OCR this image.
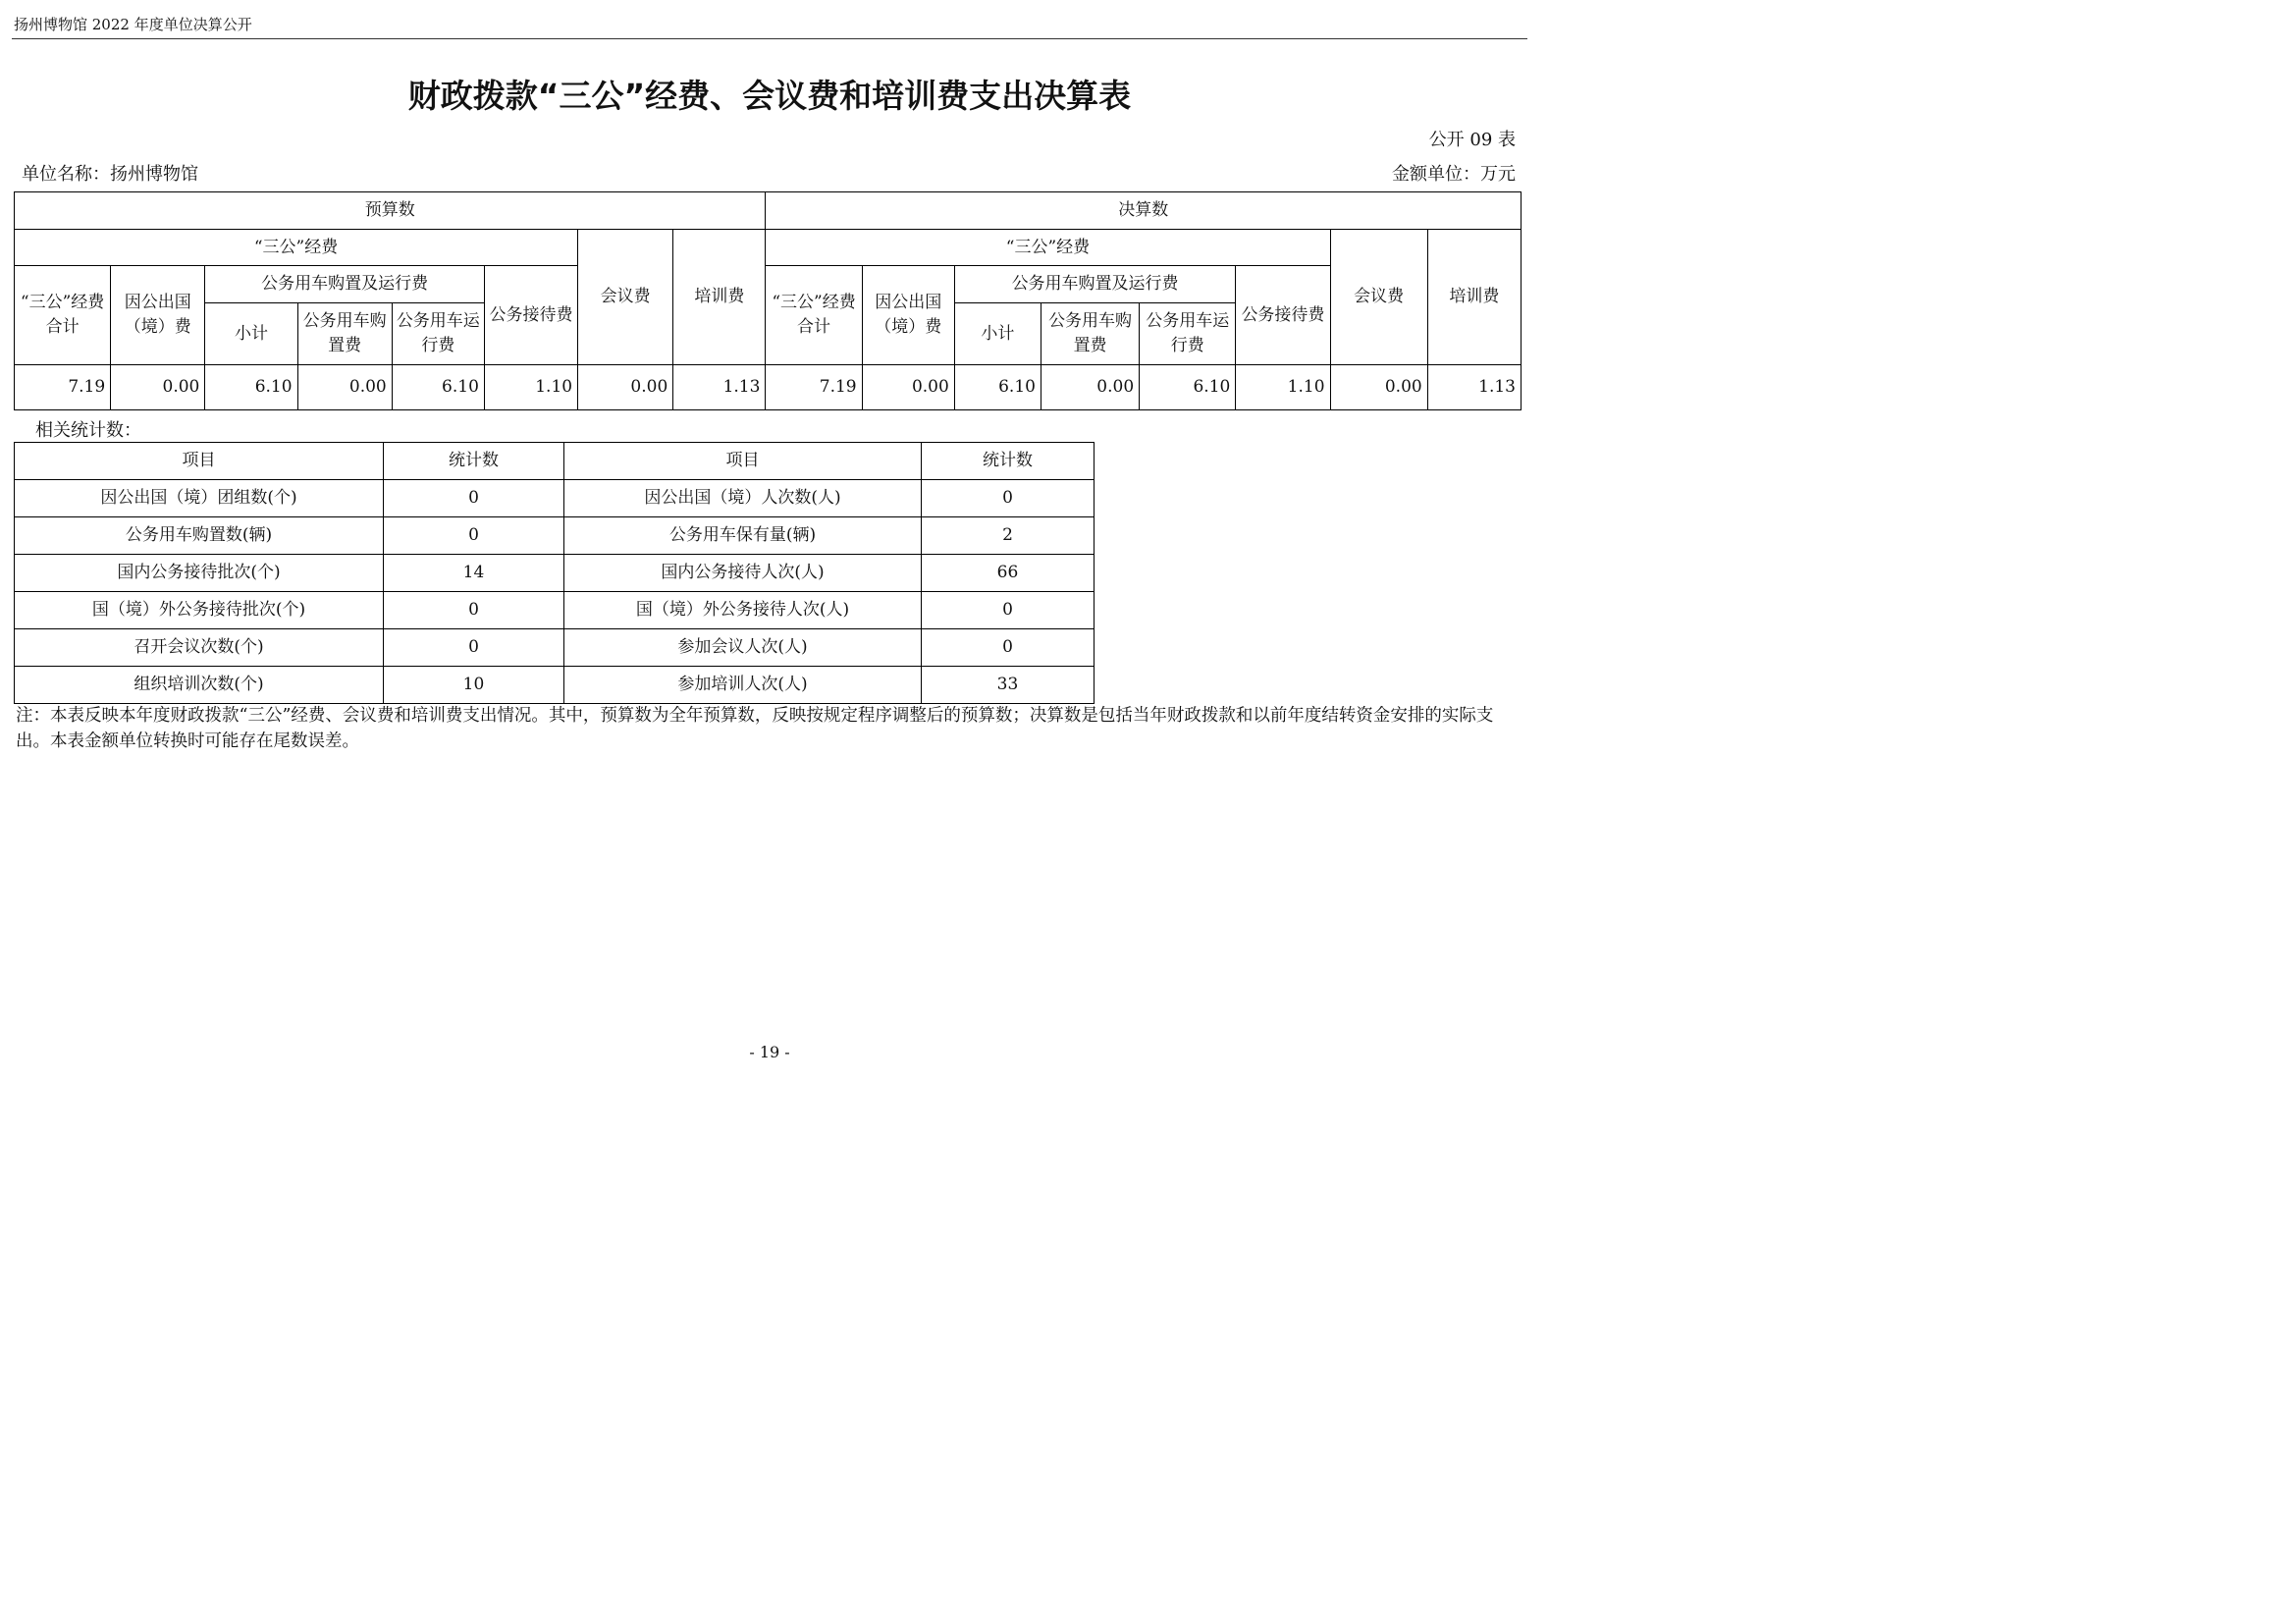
扬州博物馆 2022 年度单位决算公开
财政拨款“三公”经费、会议费和培训费支出决算表
公开 09 表
单位名称：扬州博物馆	金额单位：万元
预算数								决算数							
“三公”经费						会议费	培训费	“三公”经费						会议费	培训费
“三公”经费合计	因公出国（境）费	公务用车购置及运行费			公务接待费			“三公”经费合计	因公出国（境）费	公务用车购置及运行费			公务接待费		
		小计	公务用车购置费	公务用车运行费						小计	公务用车购置费	公务用车运行费			
7.19	0.00	6.10	0.00	6.10	1.10	0.00	1.13	7.19	0.00	6.10	0.00	6.10	1.10	0.00	1.13
相关统计数：
项目	统计数	项目	统计数
因公出国（境）团组数(个)	0	因公出国（境）人次数(人)	0
公务用车购置数(辆)	0	公务用车保有量(辆)	2
国内公务接待批次(个)	14	国内公务接待人次(人)	66
国（境）外公务接待批次(个)	0	国（境）外公务接待人次(人)	0
召开会议次数(个)	0	参加会议人次(人)	0
组织培训次数(个)	10	参加培训人次(人)	33
注：本表反映本年度财政拨款“三公”经费、会议费和培训费支出情况。其中，预算数为全年预算数，反映按规定程序调整后的预算数；决算数是包括当年财政拨款和以前年度结转资金安排的实际支出。本表金额单位转换时可能存在尾数误差。
- 19 -
